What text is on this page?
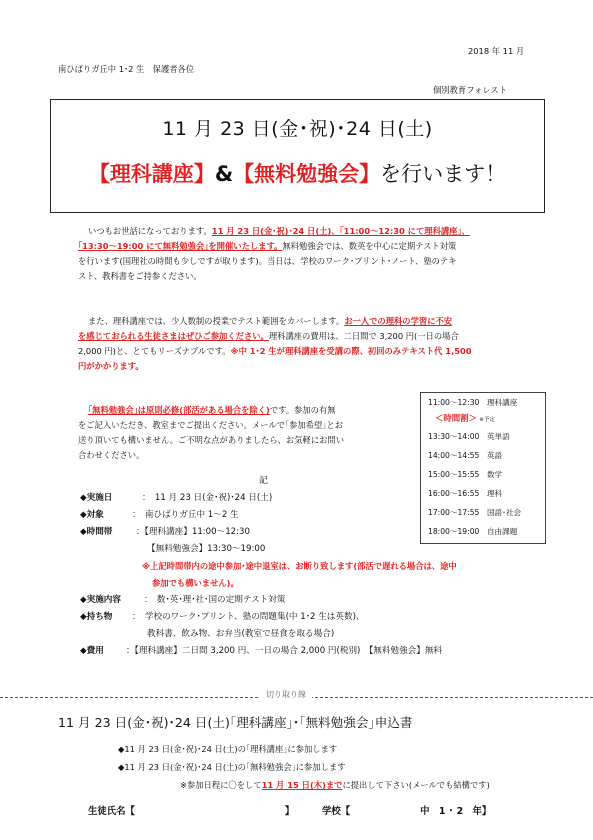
2018 年 11 月
南ひばりガ丘中 1･2 生　保護者各位
個別教育フォレスト
11 月 23 日(金･祝)･24 日(土)
【理科講座】&【無料勉強会】を行います！
いつもお世話になっております。11 月 23 日(金･祝)･24 日(土)、｢11:00～12:30 にて理科講座｣、
｢13:30～19:00 にて無料勉強会｣を開催いたします。無料勉強会では、数英を中心に定期テスト対策
を行います(国理社の時間も少しですが取ります)。当日は、学校のワーク･プリント･ノート、塾のテキ
スト、教科書をご持参ください。
また、理科講座では、少人数制の授業でテスト範囲をカバーします。お一人での理科の学習に不安
を感じておられる生徒さまはぜひご参加ください。理科講座の費用は、二日間で 3,200 円(一日の場合
2,000 円)と、とてもリーズナブルです。※中 1･2 生が理科講座を受講の際、初回のみテキスト代 1,500
円がかかります。
｢無料勉強会｣は原則必修(部活がある場合を除く)です。参加の有無
をご記入いただき、教室までご提出ください。メールで｢参加希望｣とお
送り頂いても構いません。ご不明な点がありましたら、お気軽にお問い
合わせください。
11:00～12:30　理科講座
＜時間割＞ ※予定
13:30～14:00　英単語
14:00～14:55　英語
15:00～15:55　数学
16:00～16:55　理科
17:00～17:55　国語･社会
18:00～19:00　自由課題
記
◆実施日	：　11 月 23 日(金･祝)･24 日(土)
◆対象	：　南ひばりガ丘中 1～2 生
◆時間帯	：【理科講座】11:00～12:30
【無料勉強会】13:30～19:00
※上記時間帯内の途中参加･途中退室は、お断り致します(部活で遅れる場合は、途中
参加でも構いません)。
◆実施内容	：　数･英･理･社･国の定期テスト対策
◆持ち物 ：　学校のワーク･プリント、塾の問題集(中 1･2 生は英数)、
教科書、飲み物、お弁当(教室で昼食を取る場合)
◆費用	：【理科講座】二日間 3,200 円、一日の場合 2,000 円(税別)　【無料勉強会】無料
切り取り線
11 月 23 日(金･祝)･24 日(土)｢理科講座｣･｢無料勉強会｣申込書
◆11 月 23 日(金･祝)･24 日(土)の｢理科講座｣に参加します
◆11 月 23 日(金･祝)･24 日(土)の｢無料勉強会｣に参加します
※参加日程に〇をして11 月 15 日(木)までに提出して下さい(メールでも結構です)
生徒氏名【	】	学校【	中　1 ･ 2　年】
